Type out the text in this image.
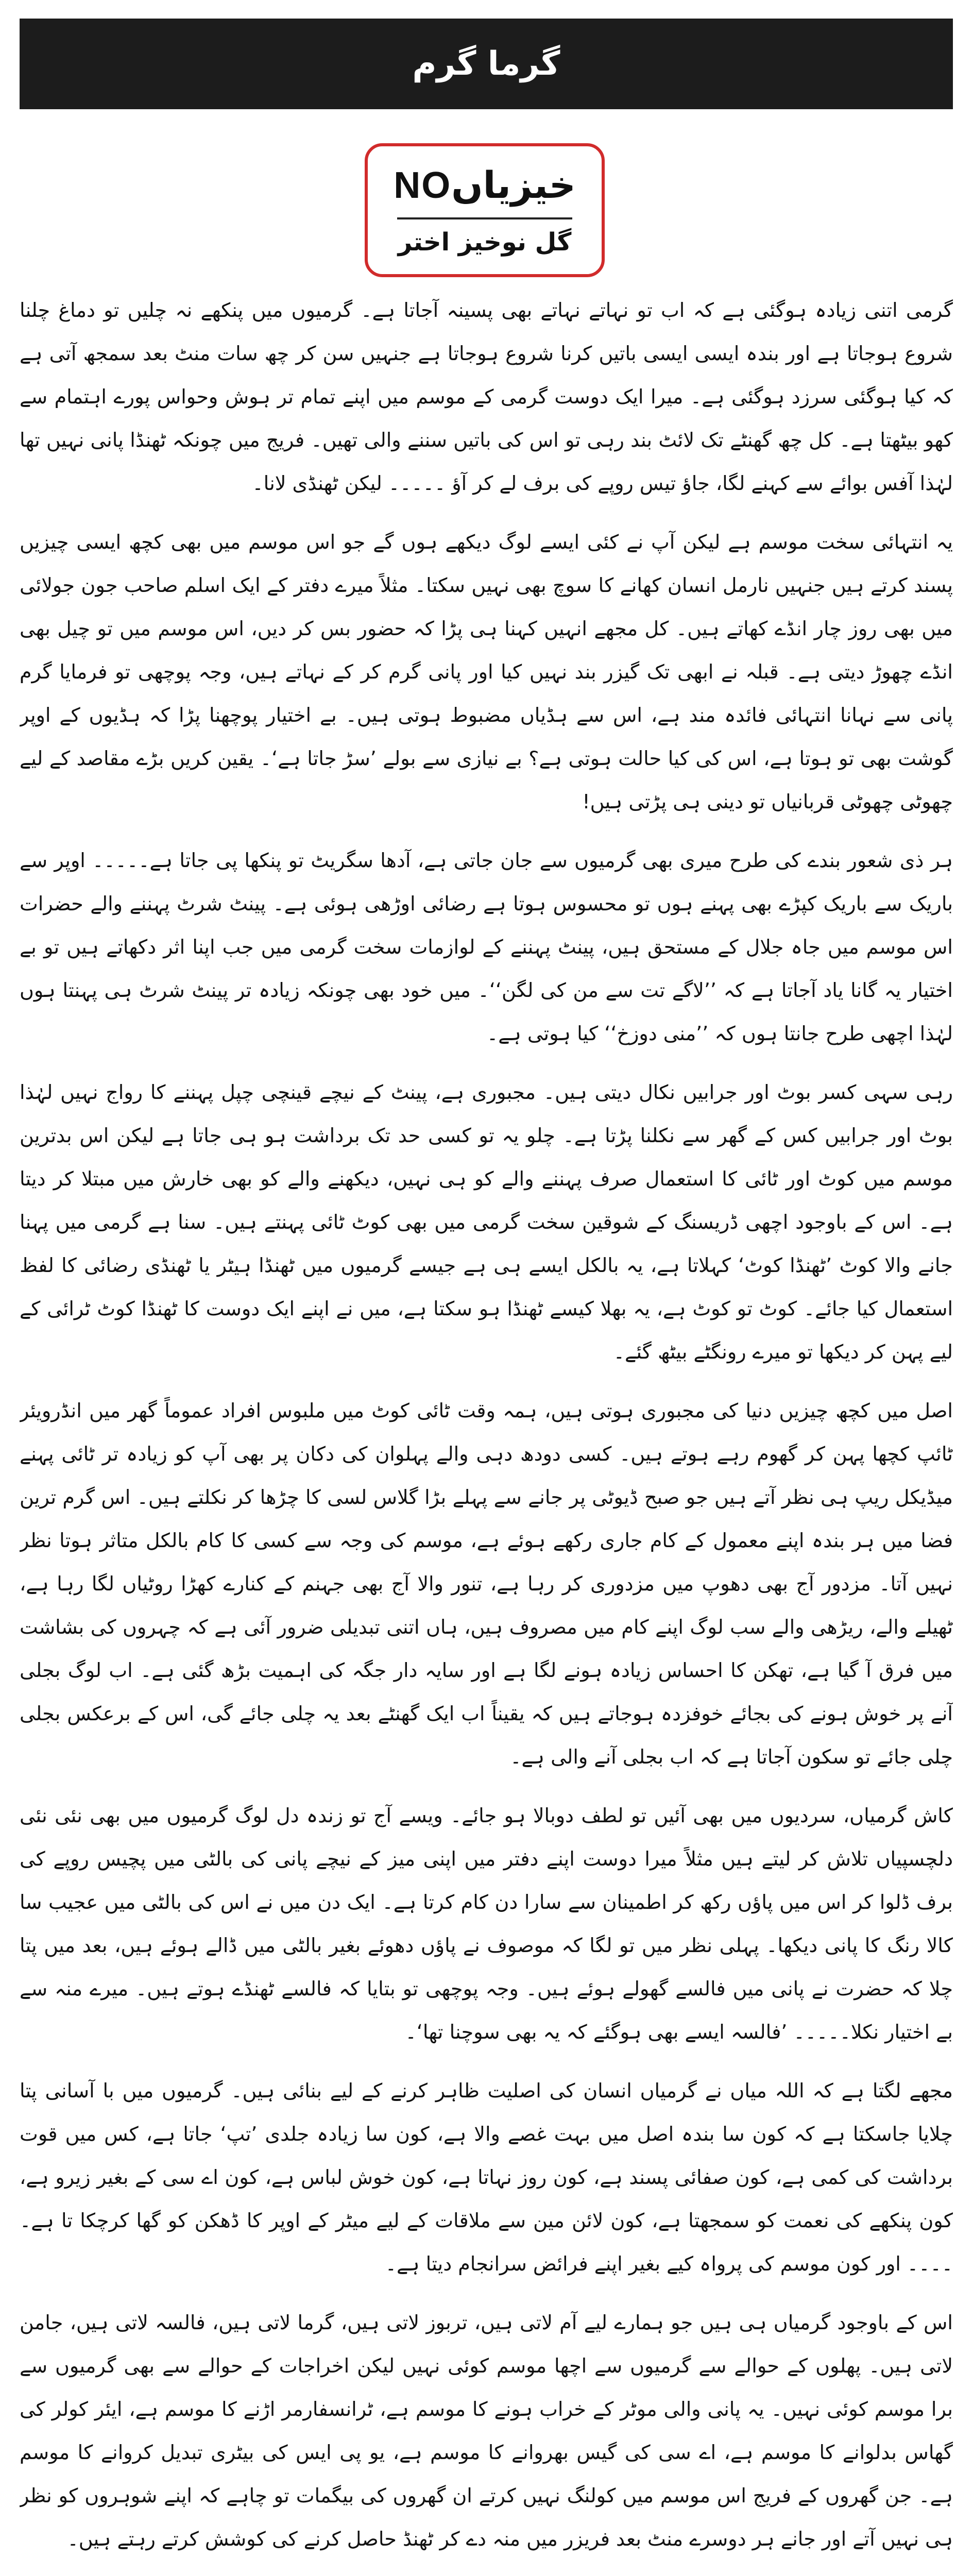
گرما گرم
خیزیاںNO
گل نوخیز اختر

گرمی اتنی زیادہ ہوگئی ہے کہ اب تو نہاتے نہاتے بھی پسینہ آجاتا ہے۔ گرمیوں میں پنکھے نہ چلیں تو دماغ چلنا شروع ہوجاتا ہے اور بندہ ایسی ایسی باتیں کرنا شروع ہوجاتا ہے جنہیں سن کر چھ سات منٹ بعد سمجھ آتی ہے کہ کیا ہوگئی سرزد ہوگئی ہے۔ میرا ایک دوست گرمی کے موسم میں اپنے تمام تر ہوش وحواس پورے اہتمام سے کھو بیٹھتا ہے۔ کل چھ گھنٹے تک لائٹ بند رہی تو اس کی باتیں سننے والی تھیں۔ فریج میں چونکہ ٹھنڈا پانی نہیں تھا لہٰذا آفس بوائے سے کہنے لگا، جاؤ تیس روپے کی برف لے کر آؤ ۔۔۔۔۔ لیکن ٹھنڈی لانا۔

یہ انتہائی سخت موسم ہے لیکن آپ نے کئی ایسے لوگ دیکھے ہوں گے جو اس موسم میں بھی کچھ ایسی چیزیں پسند کرتے ہیں جنہیں نارمل انسان کھانے کا سوچ بھی نہیں سکتا۔ مثلاً میرے دفتر کے ایک اسلم صاحب جون جولائی میں بھی روز چار انڈے کھاتے ہیں۔ کل مجھے انہیں کہنا ہی پڑا کہ حضور بس کر دیں، اس موسم میں تو چیل بھی انڈے چھوڑ دیتی ہے۔ قبلہ نے ابھی تک گیزر بند نہیں کیا اور پانی گرم کر کے نہاتے ہیں، وجہ پوچھی تو فرمایا گرم پانی سے نہانا انتہائی فائدہ مند ہے، اس سے ہڈیاں مضبوط ہوتی ہیں۔ بے اختیار پوچھنا پڑا کہ ہڈیوں کے اوپر گوشت بھی تو ہوتا ہے، اس کی کیا حالت ہوتی ہے؟ بے نیازی سے بولے ’سڑ جاتا ہے‘۔ یقین کریں بڑے مقاصد کے لیے چھوٹی چھوٹی قربانیاں تو دینی ہی پڑتی ہیں!

ہر ذی شعور بندے کی طرح میری بھی گرمیوں سے جان جاتی ہے، آدھا سگریٹ تو پنکھا پی جاتا ہے۔۔۔۔۔ اوپر سے باریک سے باریک کپڑے بھی پہنے ہوں تو محسوس ہوتا ہے رضائی اوڑھی ہوئی ہے۔ پینٹ شرٹ پہننے والے حضرات اس موسم میں جاہ جلال کے مستحق ہیں، پینٹ پہننے کے لوازمات سخت گرمی میں جب اپنا اثر دکھاتے ہیں تو بے اختیار یہ گانا یاد آجاتا ہے کہ ’’لاگے تت سے من کی لگن‘‘۔ میں خود بھی چونکہ زیادہ تر پینٹ شرٹ ہی پہنتا ہوں لہٰذا اچھی طرح جانتا ہوں کہ ’’منی دوزخ‘‘ کیا ہوتی ہے۔

رہی سہی کسر بوٹ اور جرابیں نکال دیتی ہیں۔ مجبوری ہے، پینٹ کے نیچے قینچی چپل پہننے کا رواج نہیں لہٰذا بوٹ اور جرابیں کس کے گھر سے نکلنا پڑتا ہے۔ چلو یہ تو کسی حد تک برداشت ہو ہی جاتا ہے لیکن اس بدترین موسم میں کوٹ اور ٹائی کا استعمال صرف پہننے والے کو ہی نہیں، دیکھنے والے کو بھی خارش میں مبتلا کر دیتا ہے۔ اس کے باوجود اچھی ڈریسنگ کے شوقین سخت گرمی میں بھی کوٹ ٹائی پہنتے ہیں۔ سنا ہے گرمی میں پہنا جانے والا کوٹ ’ٹھنڈا کوٹ‘ کہلاتا ہے، یہ بالکل ایسے ہی ہے جیسے گرمیوں میں ٹھنڈا ہیٹر یا ٹھنڈی رضائی کا لفظ استعمال کیا جائے۔ کوٹ تو کوٹ ہے، یہ بھلا کیسے ٹھنڈا ہو سکتا ہے، میں نے اپنے ایک دوست کا ٹھنڈا کوٹ ٹرائی کے لیے پہن کر دیکھا تو میرے رونگٹے بیٹھ گئے۔

اصل میں کچھ چیزیں دنیا کی مجبوری ہوتی ہیں، ہمہ وقت ٹائی کوٹ میں ملبوس افراد عموماً گھر میں انڈرویئر ٹائپ کچھا پہن کر گھوم رہے ہوتے ہیں۔ کسی دودھ دہی والے پہلوان کی دکان پر بھی آپ کو زیادہ تر ٹائی پہنے میڈیکل ریپ ہی نظر آتے ہیں جو صبح ڈیوٹی پر جانے سے پہلے بڑا گلاس لسی کا چڑھا کر نکلتے ہیں۔ اس گرم ترین فضا میں ہر بندہ اپنے معمول کے کام جاری رکھے ہوئے ہے، موسم کی وجہ سے کسی کا کام بالکل متاثر ہوتا نظر نہیں آتا۔ مزدور آج بھی دھوپ میں مزدوری کر رہا ہے، تنور والا آج بھی جہنم کے کنارے کھڑا روٹیاں لگا رہا ہے، ٹھیلے والے، ریڑھی والے سب لوگ اپنے کام میں مصروف ہیں، ہاں اتنی تبدیلی ضرور آئی ہے کہ چہروں کی بشاشت میں فرق آ گیا ہے، تھکن کا احساس زیادہ ہونے لگا ہے اور سایہ دار جگہ کی اہمیت بڑھ گئی ہے۔ اب لوگ بجلی آنے پر خوش ہونے کی بجائے خوفزدہ ہوجاتے ہیں کہ یقیناً اب ایک گھنٹے بعد یہ چلی جائے گی، اس کے برعکس بجلی چلی جائے تو سکون آجاتا ہے کہ اب بجلی آنے والی ہے۔

کاش گرمیاں، سردیوں میں بھی آئیں تو لطف دوبالا ہو جائے۔ ویسے آج تو زندہ دل لوگ گرمیوں میں بھی نئی نئی دلچسپیاں تلاش کر لیتے ہیں مثلاً میرا دوست اپنے دفتر میں اپنی میز کے نیچے پانی کی بالٹی میں پچیس روپے کی برف ڈلوا کر اس میں پاؤں رکھ کر اطمینان سے سارا دن کام کرتا ہے۔ ایک دن میں نے اس کی بالٹی میں عجیب سا کالا رنگ کا پانی دیکھا۔ پہلی نظر میں تو لگا کہ موصوف نے پاؤں دھوئے بغیر بالٹی میں ڈالے ہوئے ہیں، بعد میں پتا چلا کہ حضرت نے پانی میں فالسے گھولے ہوئے ہیں۔ وجہ پوچھی تو بتایا کہ فالسے ٹھنڈے ہوتے ہیں۔ میرے منہ سے بے اختیار نکلا۔۔۔۔۔ ’فالسہ ایسے بھی ہوگئے کہ یہ بھی سوچنا تھا‘۔

مجھے لگتا ہے کہ اللہ میاں نے گرمیاں انسان کی اصلیت ظاہر کرنے کے لیے بنائی ہیں۔ گرمیوں میں با آسانی پتا چلایا جاسکتا ہے کہ کون سا بندہ اصل میں بہت غصے والا ہے، کون سا زیادہ جلدی ’تپ‘ جاتا ہے، کس میں قوت برداشت کی کمی ہے، کون صفائی پسند ہے، کون روز نہاتا ہے، کون خوش لباس ہے، کون اے سی کے بغیر زیرو ہے، کون پنکھے کی نعمت کو سمجھتا ہے، کون لائن مین سے ملاقات کے لیے میٹر کے اوپر کا ڈھکن کو گھا کرچکا تا ہے۔ ۔۔۔۔ اور کون موسم کی پرواہ کیے بغیر اپنے فرائض سرانجام دیتا ہے۔

اس کے باوجود گرمیاں ہی ہیں جو ہمارے لیے آم لاتی ہیں، تربوز لاتی ہیں، گرما لاتی ہیں، فالسہ لاتی ہیں، جامن لاتی ہیں۔ پھلوں کے حوالے سے گرمیوں سے اچھا موسم کوئی نہیں لیکن اخراجات کے حوالے سے بھی گرمیوں سے برا موسم کوئی نہیں۔ یہ پانی والی موٹر کے خراب ہونے کا موسم ہے، ٹرانسفارمر اڑنے کا موسم ہے، ایئر کولر کی گھاس بدلوانے کا موسم ہے، اے سی کی گیس بھروانے کا موسم ہے، یو پی ایس کی بیٹری تبدیل کروانے کا موسم ہے۔ جن گھروں کے فریج اس موسم میں کولنگ نہیں کرتے ان گھروں کی بیگمات تو چاہے کہ اپنے شوہروں کو نظر ہی نہیں آتے اور جانے ہر دوسرے منٹ بعد فریزر میں منہ دے کر ٹھنڈ حاصل کرنے کی کوشش کرتے رہتے ہیں۔
